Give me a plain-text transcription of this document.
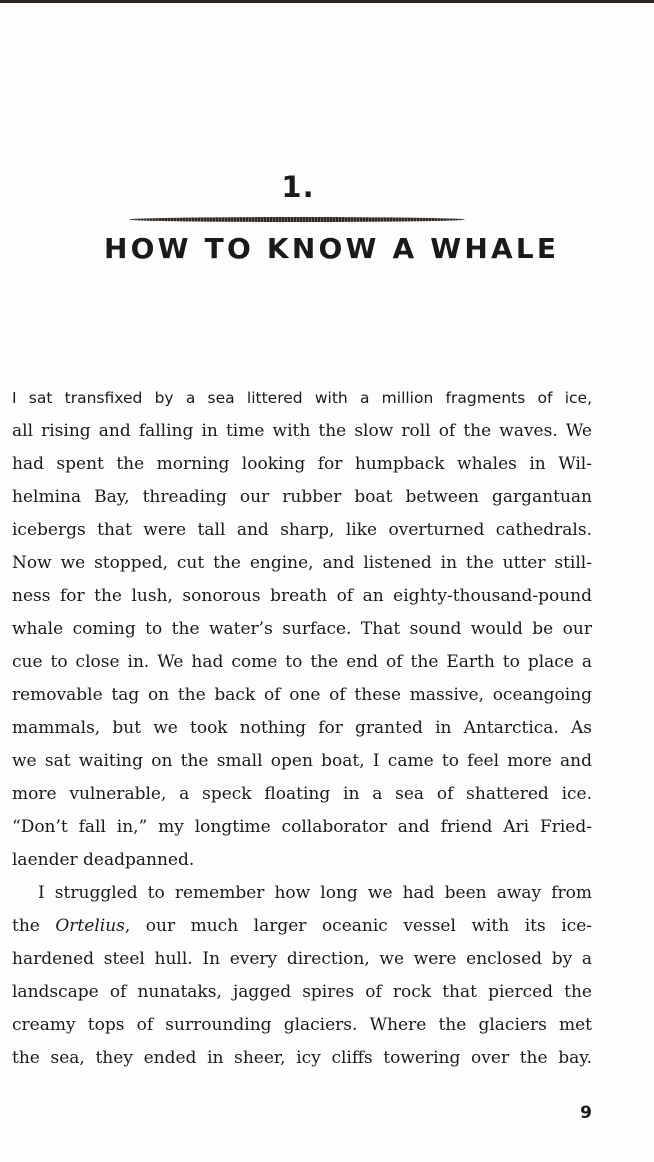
1.
HOW TO KNOW A WHALE
I sat transfixed by a sea littered with a million fragments of ice,
all rising and falling in time with the slow roll of the waves. We
had spent the morning looking for humpback whales in Wil-
helmina Bay, threading our rubber boat between gargantuan
icebergs that were tall and sharp, like overturned cathedrals.
Now we stopped, cut the engine, and listened in the utter still-
ness for the lush, sonorous breath of an eighty-thousand-pound
whale coming to the water’s surface. That sound would be our
cue to close in. We had come to the end of the Earth to place a
removable tag on the back of one of these massive, oceangoing
mammals, but we took nothing for granted in Antarctica. As
we sat waiting on the small open boat, I came to feel more and
more vulnerable, a speck floating in a sea of shattered ice.
“Don’t fall in,” my longtime collaborator and friend Ari Fried-
laender deadpanned.
I struggled to remember how long we had been away from
the Ortelius, our much larger oceanic vessel with its ice-
hardened steel hull. In every direction, we were enclosed by a
landscape of nunataks, jagged spires of rock that pierced the
creamy tops of surrounding glaciers. Where the glaciers met
the sea, they ended in sheer, icy cliffs towering over the bay.
9
